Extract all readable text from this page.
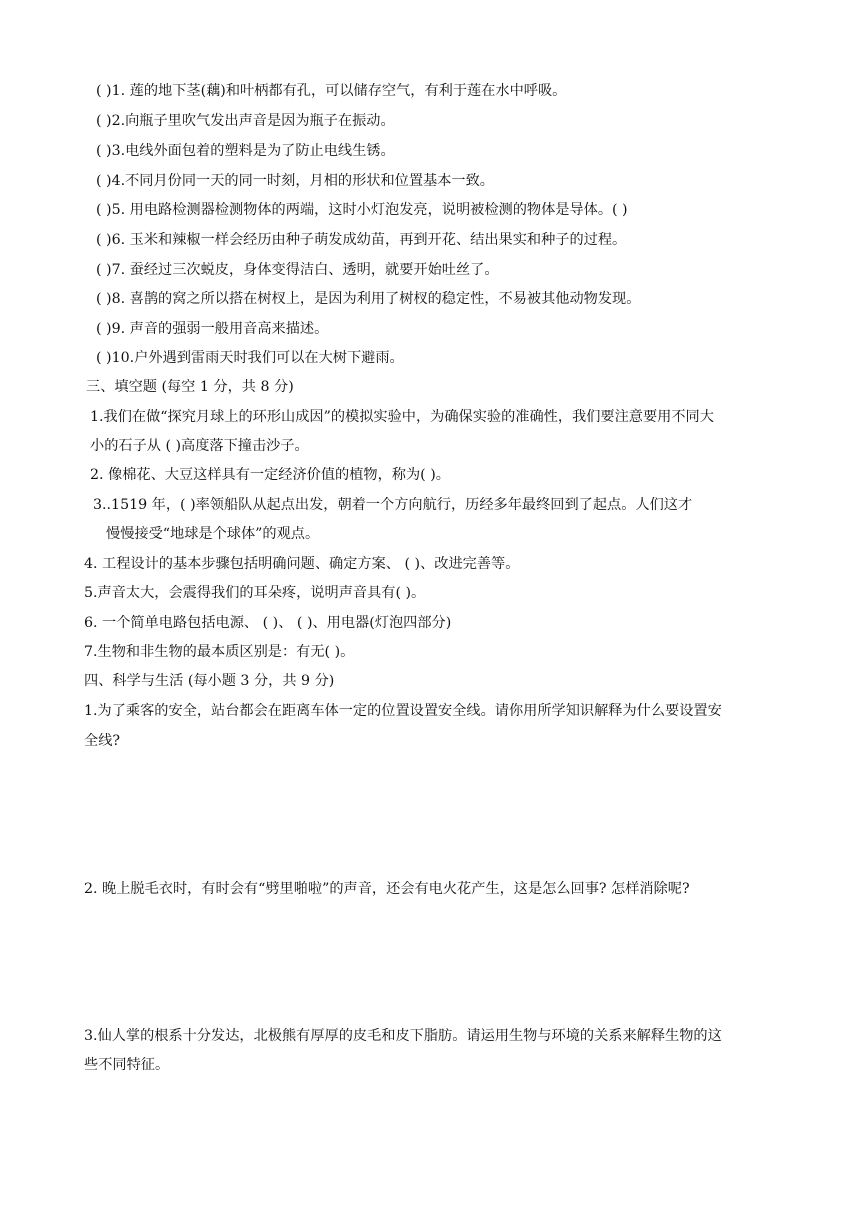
( )1. 莲的地下茎(藕)和叶柄都有孔，可以储存空气，有利于莲在水中呼吸。
( )2.向瓶子里吹气发出声音是因为瓶子在振动。
( )3.电线外面包着的塑料是为了防止电线生锈。
( )4.不同月份同一天的同一时刻，月相的形状和位置基本一致。
( )5. 用电路检测器检测物体的两端，这时小灯泡发亮，说明被检测的物体是导体。( )
( )6. 玉米和辣椒一样会经历由种子萌发成幼苗，再到开花、结出果实和种子的过程。
( )7. 蚕经过三次蜕皮，身体变得洁白、透明，就要开始吐丝了。
( )8. 喜鹊的窝之所以搭在树杈上，是因为利用了树杈的稳定性，不易被其他动物发现。
( )9. 声音的强弱一般用音高来描述。
( )10.户外遇到雷雨天时我们可以在大树下避雨。
三、填空题 (每空 1 分，共 8 分)
1.我们在做“探究月球上的环形山成因”的模拟实验中，为确保实验的准确性，我们要注意要用不同大
小的石子从 ( )高度落下撞击沙子。
2. 像棉花、大豆这样具有一定经济价值的植物，称为( )。
3..1519 年，( )率领船队从起点出发，朝着一个方向航行，历经多年最终回到了起点。人们这才
慢慢接受“地球是个球体”的观点。
4. 工程设计的基本步骤包括明确问题、确定方案、 ( )、改进完善等。
5.声音太大，会震得我们的耳朵疼，说明声音具有( )。
6. 一个简单电路包括电源、 ( )、 ( )、用电器(灯泡四部分)
7.生物和非生物的最本质区别是：有无( )。
四、科学与生活 (每小题 3 分，共 9 分)
1.为了乘客的安全，站台都会在距离车体一定的位置设置安全线。请你用所学知识解释为什么要设置安
全线?
2. 晚上脱毛衣时，有时会有“劈里啪啦”的声音，还会有电火花产生，这是怎么回事? 怎样消除呢?
3.仙人掌的根系十分发达，北极熊有厚厚的皮毛和皮下脂肪。请运用生物与环境的关系来解释生物的这
些不同特征。
